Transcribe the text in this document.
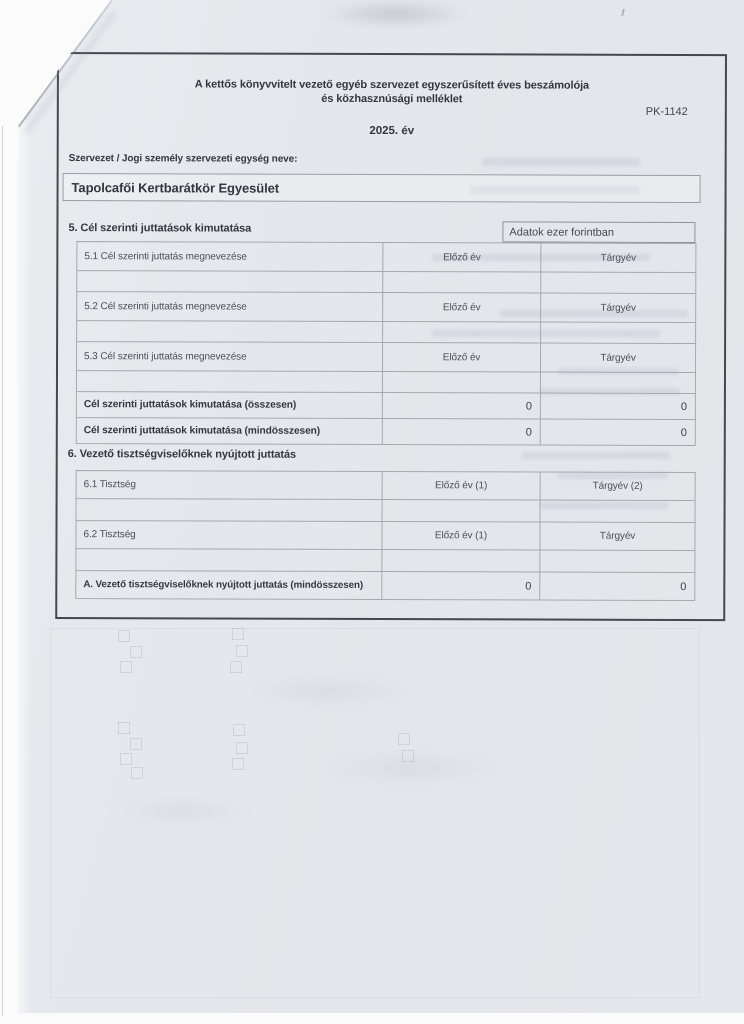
A kettős könyvvitelt vezető egyéb szervezet egyszerűsített éves beszámolója
és közhasznúsági melléklet
PK-1142
2025. év
Szervezet / Jogi személy szervezeti egység neve:
Tapolcafői Kertbarátkör Egyesület
5. Cél szerinti juttatások kimutatása	Adatok ezer forintban
5.1 Cél szerinti juttatás megnevezése	Előző év	Tárgyév
5.2 Cél szerinti juttatás megnevezése	Előző év	Tárgyév
5.3 Cél szerinti juttatás megnevezése	Előző év	Tárgyév
Cél szerinti juttatások kimutatása (összesen)	0	0
Cél szerinti juttatások kimutatása (mindösszesen)	0	0
6. Vezető tisztségviselőknek nyújtott juttatás
6.1 Tisztség	Előző év (1)	Tárgyév (2)
6.2 Tisztség	Előző év (1)	Tárgyév
A. Vezető tisztségviselőknek nyújtott juttatás (mindösszesen)	0	0
